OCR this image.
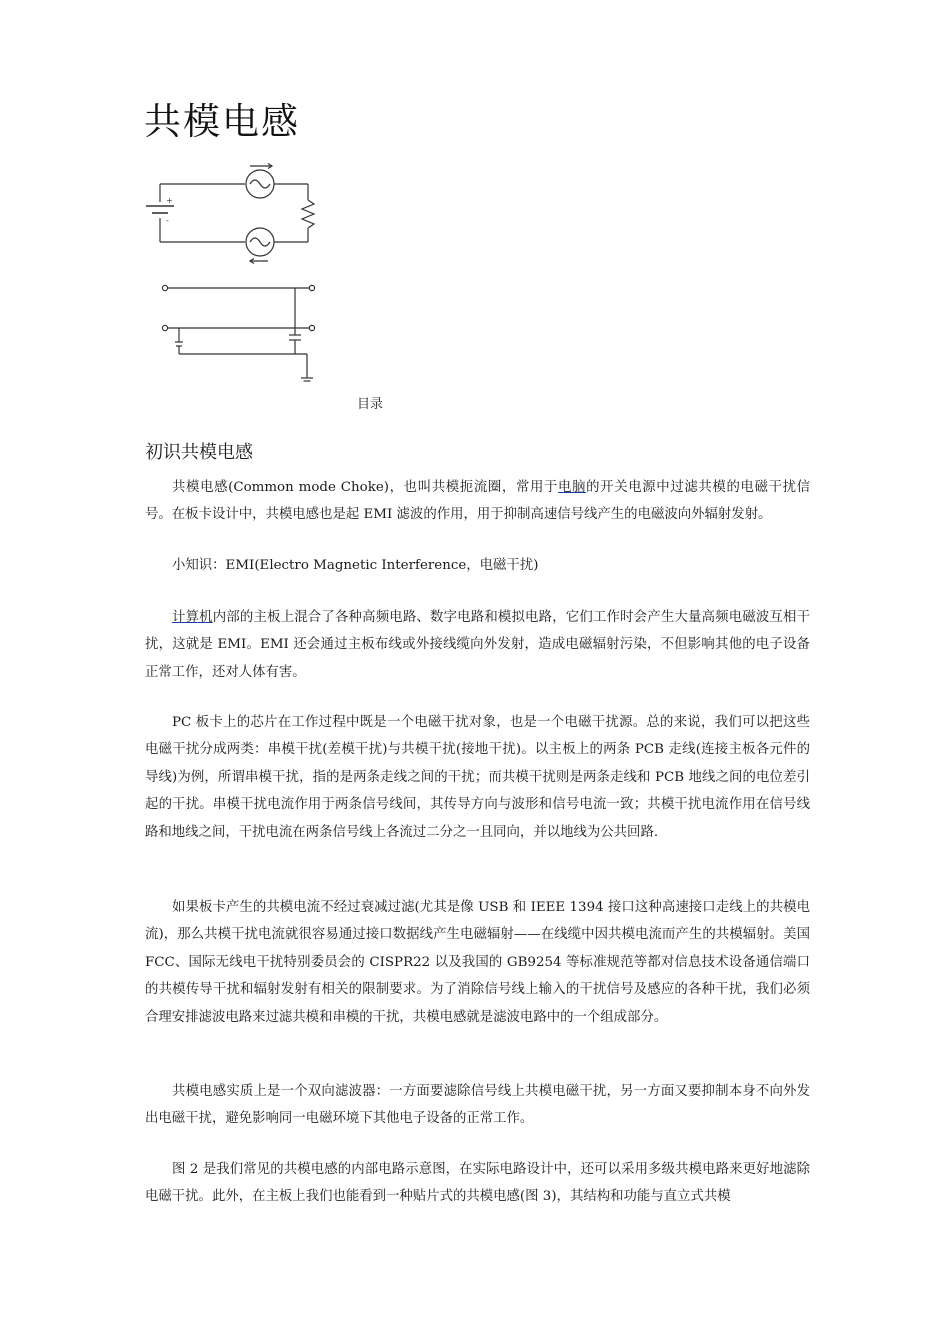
共模电感
+
-
目录
初识共模电感

共模电感(Common mode Choke)，也叫共模扼流圈，常用于电脑的开关电源中过滤共模的电磁干扰信号。在板卡设计中，共模电感也是起 EMI 滤波的作用，用于抑制高速信号线产生的电磁波向外辐射发射。

小知识：EMI(Electro Magnetic Interference，电磁干扰)

计算机内部的主板上混合了各种高频电路、数字电路和模拟电路，它们工作时会产生大量高频电磁波互相干扰，这就是 EMI。EMI 还会通过主板布线或外接线缆向外发射，造成电磁辐射污染，不但影响其他的电子设备正常工作，还对人体有害。

PC 板卡上的芯片在工作过程中既是一个电磁干扰对象，也是一个电磁干扰源。总的来说，我们可以把这些电磁干扰分成两类：串模干扰(差模干扰)与共模干扰(接地干扰)。以主板上的两条 PCB 走线(连接主板各元件的导线)为例，所谓串模干扰，指的是两条走线之间的干扰；而共模干扰则是两条走线和 PCB 地线之间的电位差引起的干扰。串模干扰电流作用于两条信号线间，其传导方向与波形和信号电流一致；共模干扰电流作用在信号线路和地线之间，干扰电流在两条信号线上各流过二分之一且同向，并以地线为公共回路.

如果板卡产生的共模电流不经过衰减过滤(尤其是像 USB 和 IEEE 1394 接口这种高速接口走线上的共模电流)，那么共模干扰电流就很容易通过接口数据线产生电磁辐射——在线缆中因共模电流而产生的共模辐射。美国 FCC、国际无线电干扰特别委员会的 CISPR22 以及我国的 GB9254 等标准规范等都对信息技术设备通信端口的共模传导干扰和辐射发射有相关的限制要求。为了消除信号线上输入的干扰信号及感应的各种干扰，我们必须合理安排滤波电路来过滤共模和串模的干扰，共模电感就是滤波电路中的一个组成部分。

共模电感实质上是一个双向滤波器：一方面要滤除信号线上共模电磁干扰，另一方面又要抑制本身不向外发出电磁干扰，避免影响同一电磁环境下其他电子设备的正常工作。

图 2 是我们常见的共模电感的内部电路示意图，在实际电路设计中，还可以采用多级共模电路来更好地滤除电磁干扰。此外，在主板上我们也能看到一种贴片式的共模电感(图 3)，其结构和功能与直立式共模
